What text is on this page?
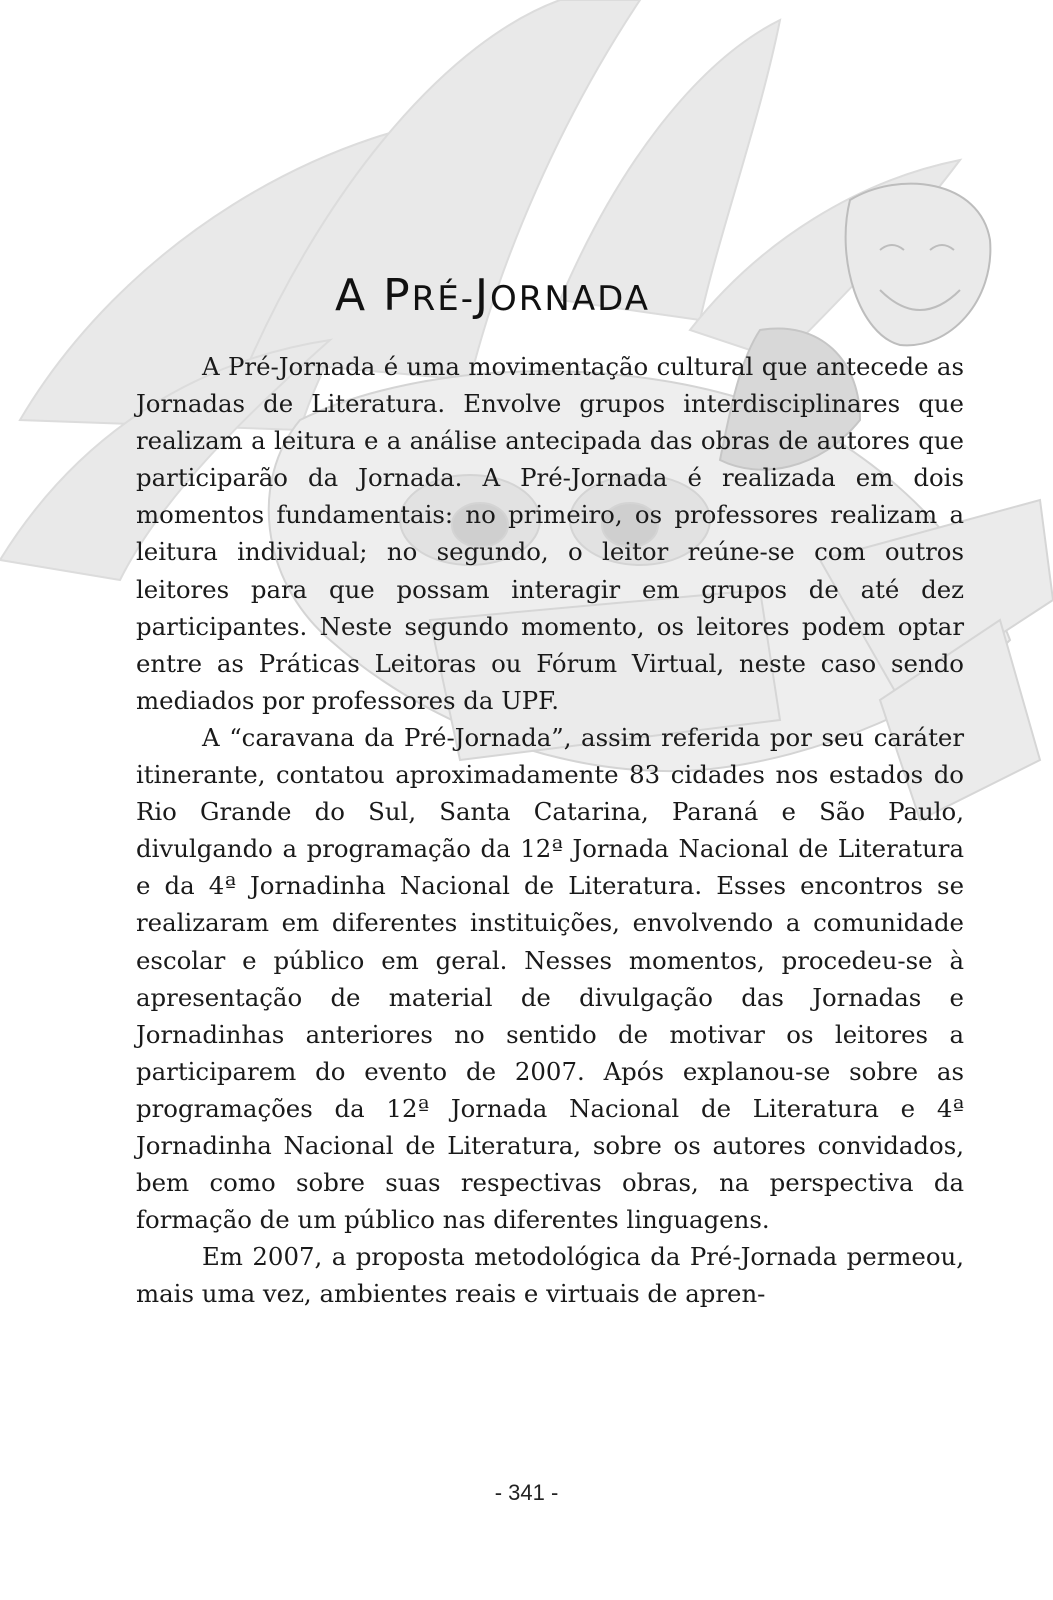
A PRÉ-JORNADA

A Pré-Jornada é uma movimentação cultural que antecede as Jornadas de Literatura. Envolve grupos interdisciplinares que realizam a leitura e a análise antecipada das obras de autores que participarão da Jornada. A Pré-Jornada é realizada em dois momentos fundamentais: no primeiro, os professores realizam a leitura individual; no segundo, o leitor reúne-se com outros leitores para que possam interagir em grupos de até dez participantes. Neste segundo momento, os leitores podem optar entre as Práticas Leitoras ou Fórum Virtual, neste caso sendo mediados por professores da UPF.

A “caravana da Pré-Jornada”, assim referida por seu caráter itinerante, contatou aproximadamente 83 cidades nos estados do Rio Grande do Sul, Santa Catarina, Paraná e São Paulo, divulgando a programação da 12ª Jornada Nacional de Literatura e da 4ª Jornadinha Nacional de Literatura. Esses encontros se realizaram em diferentes instituições, envolvendo a comunidade escolar e público em geral. Nesses momentos, procedeu-se à apresentação de material de divulgação das Jornadas e Jornadinhas anteriores no sentido de motivar os leitores a participarem do evento de 2007. Após explanou-se sobre as programações da 12ª Jornada Nacional de Literatura e 4ª Jornadinha Nacional de Literatura, sobre os autores convidados, bem como sobre suas respectivas obras, na perspectiva da formação de um público nas diferentes linguagens.

Em 2007, a proposta metodológica da Pré-Jornada permeou, mais uma vez, ambientes reais e virtuais de apren-

- 341 -
